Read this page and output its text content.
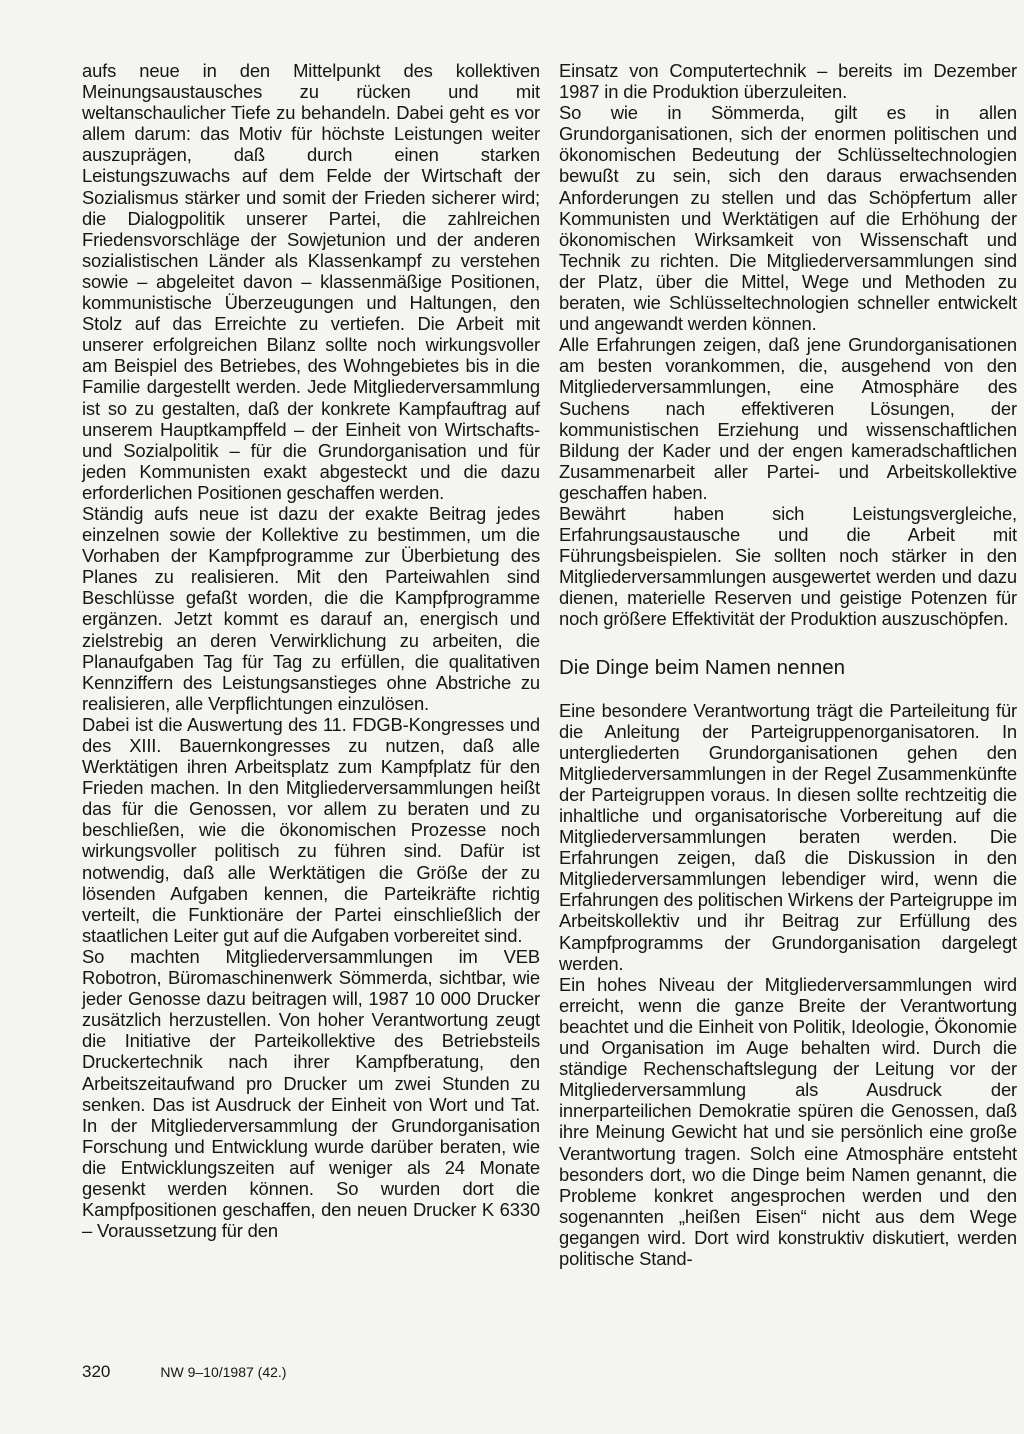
aufs neue in den Mittelpunkt des kollektiven Meinungsaustausches zu rücken und mit weltanschaulicher Tiefe zu behandeln. Dabei geht es vor allem darum: das Motiv für höchste Leistungen weiter auszuprägen, daß durch einen starken Leistungszuwachs auf dem Felde der Wirtschaft der Sozialismus stärker und somit der Frieden sicherer wird; die Dialogpolitik unserer Partei, die zahlreichen Friedensvorschläge der Sowjetunion und der anderen sozialistischen Länder als Klassenkampf zu verstehen sowie – abgeleitet davon – klassenmäßige Positionen, kommunistische Überzeugungen und Haltungen, den Stolz auf das Erreichte zu vertiefen. Die Arbeit mit unserer erfolgreichen Bilanz sollte noch wirkungsvoller am Beispiel des Betriebes, des Wohngebietes bis in die Familie dargestellt werden. Jede Mitgliederversammlung ist so zu gestalten, daß der konkrete Kampfauftrag auf unserem Hauptkampffeld – der Einheit von Wirtschafts- und Sozialpolitik – für die Grundorganisation und für jeden Kommunisten exakt abgesteckt und die dazu erforderlichen Positionen geschaffen werden.

Ständig aufs neue ist dazu der exakte Beitrag jedes einzelnen sowie der Kollektive zu bestimmen, um die Vorhaben der Kampfprogramme zur Überbietung des Planes zu realisieren. Mit den Parteiwahlen sind Beschlüsse gefaßt worden, die die Kampfprogramme ergänzen. Jetzt kommt es darauf an, energisch und zielstrebig an deren Verwirklichung zu arbeiten, die Planaufgaben Tag für Tag zu erfüllen, die qualitativen Kennziffern des Leistungsanstieges ohne Abstriche zu realisieren, alle Verpflichtungen einzulösen.

Dabei ist die Auswertung des 11. FDGB-Kongresses und des XIII. Bauernkongresses zu nutzen, daß alle Werktätigen ihren Arbeitsplatz zum Kampfplatz für den Frieden machen. In den Mitgliederversammlungen heißt das für die Genossen, vor allem zu beraten und zu beschließen, wie die ökonomischen Prozesse noch wirkungsvoller politisch zu führen sind. Dafür ist notwendig, daß alle Werktätigen die Größe der zu lösenden Aufgaben kennen, die Parteikräfte richtig verteilt, die Funktionäre der Partei einschließlich der staatlichen Leiter gut auf die Aufgaben vorbereitet sind.

So machten Mitgliederversammlungen im VEB Robotron, Büromaschinenwerk Sömmerda, sichtbar, wie jeder Genosse dazu beitragen will, 1987 10 000 Drucker zusätzlich herzustellen. Von hoher Verantwortung zeugt die Initiative der Parteikollektive des Betriebsteils Druckertechnik nach ihrer Kampfberatung, den Arbeitszeitaufwand pro Drucker um zwei Stunden zu senken. Das ist Ausdruck der Einheit von Wort und Tat. In der Mitgliederversammlung der Grundorganisation Forschung und Entwicklung wurde darüber beraten, wie die Entwicklungszeiten auf weniger als 24 Monate gesenkt werden können. So wurden dort die Kampfpositionen geschaffen, den neuen Drucker K 6330 – Voraussetzung für den

Einsatz von Computertechnik – bereits im Dezember 1987 in die Produktion überzuleiten.

So wie in Sömmerda, gilt es in allen Grundorganisationen, sich der enormen politischen und ökonomischen Bedeutung der Schlüsseltechnologien bewußt zu sein, sich den daraus erwachsenden Anforderungen zu stellen und das Schöpfertum aller Kommunisten und Werktätigen auf die Erhöhung der ökonomischen Wirksamkeit von Wissenschaft und Technik zu richten. Die Mitgliederversammlungen sind der Platz, über die Mittel, Wege und Methoden zu beraten, wie Schlüsseltechnologien schneller entwickelt und angewandt werden können.

Alle Erfahrungen zeigen, daß jene Grundorganisationen am besten vorankommen, die, ausgehend von den Mitgliederversammlungen, eine Atmosphäre des Suchens nach effektiveren Lösungen, der kommunistischen Erziehung und wissenschaftlichen Bildung der Kader und der engen kameradschaftlichen Zusammenarbeit aller Partei- und Arbeitskollektive geschaffen haben.

Bewährt haben sich Leistungsvergleiche, Erfahrungsaustausche und die Arbeit mit Führungsbeispielen. Sie sollten noch stärker in den Mitgliederversammlungen ausgewertet werden und dazu dienen, materielle Reserven und geistige Potenzen für noch größere Effektivität der Produktion auszuschöpfen.

Die Dinge beim Namen nennen

Eine besondere Verantwortung trägt die Parteileitung für die Anleitung der Parteigruppenorganisatoren. In untergliederten Grundorganisationen gehen den Mitgliederversammlungen in der Regel Zusammenkünfte der Parteigruppen voraus. In diesen sollte rechtzeitig die inhaltliche und organisatorische Vorbereitung auf die Mitgliederversammlungen beraten werden. Die Erfahrungen zeigen, daß die Diskussion in den Mitgliederversammlungen lebendiger wird, wenn die Erfahrungen des politischen Wirkens der Parteigruppe im Arbeitskollektiv und ihr Beitrag zur Erfüllung des Kampfprogramms der Grundorganisation dargelegt werden.

Ein hohes Niveau der Mitgliederversammlungen wird erreicht, wenn die ganze Breite der Verantwortung beachtet und die Einheit von Politik, Ideologie, Ökonomie und Organisation im Auge behalten wird. Durch die ständige Rechenschaftslegung der Leitung vor der Mitgliederversammlung als Ausdruck der innerparteilichen Demokratie spüren die Genossen, daß ihre Meinung Gewicht hat und sie persönlich eine große Verantwortung tragen. Solch eine Atmosphäre entsteht besonders dort, wo die Dinge beim Namen genannt, die Probleme konkret angesprochen werden und den sogenannten „heißen Eisen“ nicht aus dem Wege gegangen wird. Dort wird konstruktiv diskutiert, werden politische Stand-

320	NW 9–10/1987 (42.)
